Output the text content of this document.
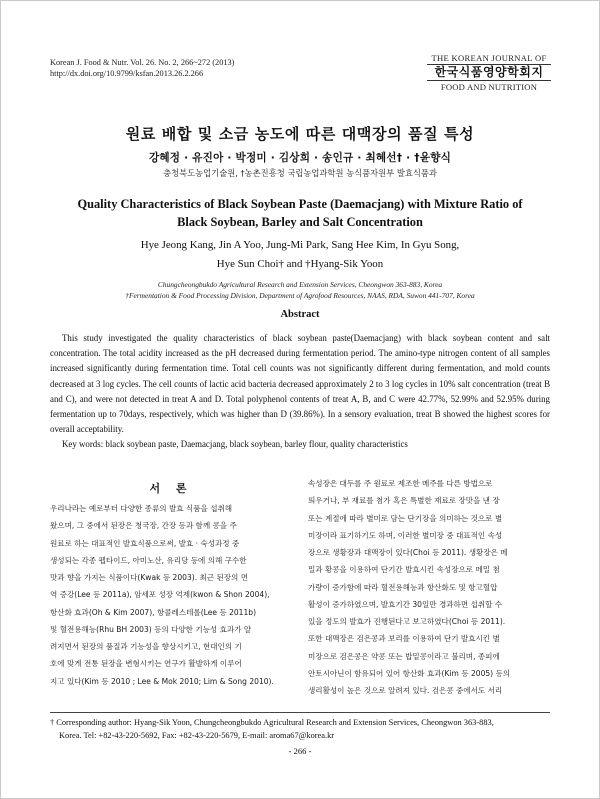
Korean J. Food & Nutr. Vol. 26. No. 2, 266~272 (2013)
http://dx.doi.org/10.9799/ksfan.2013.26.2.266
THE KOREAN JOURNAL OF
한국식품영양학회지
FOOD AND NUTRITION
원료 배합 및 소금 농도에 따른 대맥장의 품질 특성
강혜정 · 유진아 · 박정미 · 김상희 · 송인규 · 최혜선† · †윤향식
충청북도농업기술원, †농촌진흥청 국립농업과학원 농식품자원부 발효식품과
Quality Characteristics of Black Soybean Paste (Daemacjang) with Mixture Ratio of
Black Soybean, Barley and Salt Concentration
Hye Jeong Kang, Jin A Yoo, Jung-Mi Park, Sang Hee Kim, In Gyu Song,
Hye Sun Choi† and †Hyang-Sik Yoon
Chungcheongbukdo Agricultural Research and Extension Services, Cheongwon 363-883, Korea
†Fermentation & Food Processing Division, Department of Agrofood Resources, NAAS, RDA, Suwon 441-707, Korea
Abstract
This study investigated the quality characteristics of black soybean paste(Daemacjang) with black soybean content and salt concentration. The total acidity increased as the pH decreased during fermentation period. The amino-type nitrogen content of all samples increased significantly during fermentation time. Total cell counts was not significantly different during fermentation, and mold counts decreased at 3 log cycles. The cell counts of lactic acid bacteria decreased approximately 2 to 3 log cycles in 10% salt concentration (treat B and C), and were not detected in treat A and D. Total polyphenol contents of treat A, B, and C were 42.77%, 52.99% and 52.95% during fermentation up to 70days, respectively, which was higher than D (39.86%). In a sensory evaluation, treat B showed the highest scores for overall acceptability.
Key words: black soybean paste, Daemacjang, black soybean, barley flour, quality characteristics
서 론
우리나라는 예로부터 다양한 종류의 발효 식품을 섭취해
왔으며, 그 중에서 된장은 청국장, 간장 등과 함께 콩을 주
원료로 하는 대표적인 발효식품으로써, 발효 · 숙성과정 중
생성되는 각종 펩타이드, 아미노산, 유리당 등에 의해 구수한
맛과 향을 가지는 식품이다(Kwak 등 2003). 최근 된장의 면
역 증강(Lee 등 2011a), 암세포 성장 억제(kwon & Shon 2004),
항산화 효과(Oh & Kim 2007), 항콜레스테롤(Lee 등 2011b)
및 혈전용해능(Rhu BH 2003) 등의 다양한 기능성 효과가 알
려지면서 된장의 품질과 기능성을 향상시키고, 현대인의 기
호에 맞게 전통 된장을 변형시키는 연구가 활발하게 이루어
지고 있다(Kim 등 2010 ; Lee & Mok 2010; Lim & Song 2010).
속성장은 대두를 주 원료로 제조한 메주를 다른 방법으로
띄우거나, 부 재료를 첨가 혹은 특별한 재료로 장맛을 낸 장
또는 계절에 따라 별미로 담는 단기장을 의미하는 것으로 별
미장이라 표기하기도 하며, 이러한 별미장 중 대표적인 속성
장으로 생황장과 대맥장이 있다(Choi 등 2011). 생황장은 메
밀과 황콩을 이용하여 단기간 발효시킨 속성장으로 메밀 첨
가량이 증가함에 따라 혈전용해능과 항산화도 및 항고혈압
활성이 증가하였으며, 발효기간 30일만 경과하면 섭취할 수
있을 정도의 발효가 진행된다고 보고하였다(Choi 등 2011).
또한 대맥장은 검은콩과 보리를 이용하여 단기 발효시킨 별
미장으로 검은콩은 약콩 또는 밥밑콩이라고 불리며, 종피에
안토시아닌이 함유되어 있어 항산화 효과(Kim 등 2005) 등의
생리활성이 높은 것으로 알려져 있다. 검은콩 중에서도 서리
† Corresponding author: Hyang-Sik Yoon, Chungcheongbukdo Agricultural Research and Extension Services, Cheongwon 363-883,
Korea. Tel: +82-43-220-5692, Fax: +82-43-220-5679, E-mail: aroma67@korea.kr
- 266 -
